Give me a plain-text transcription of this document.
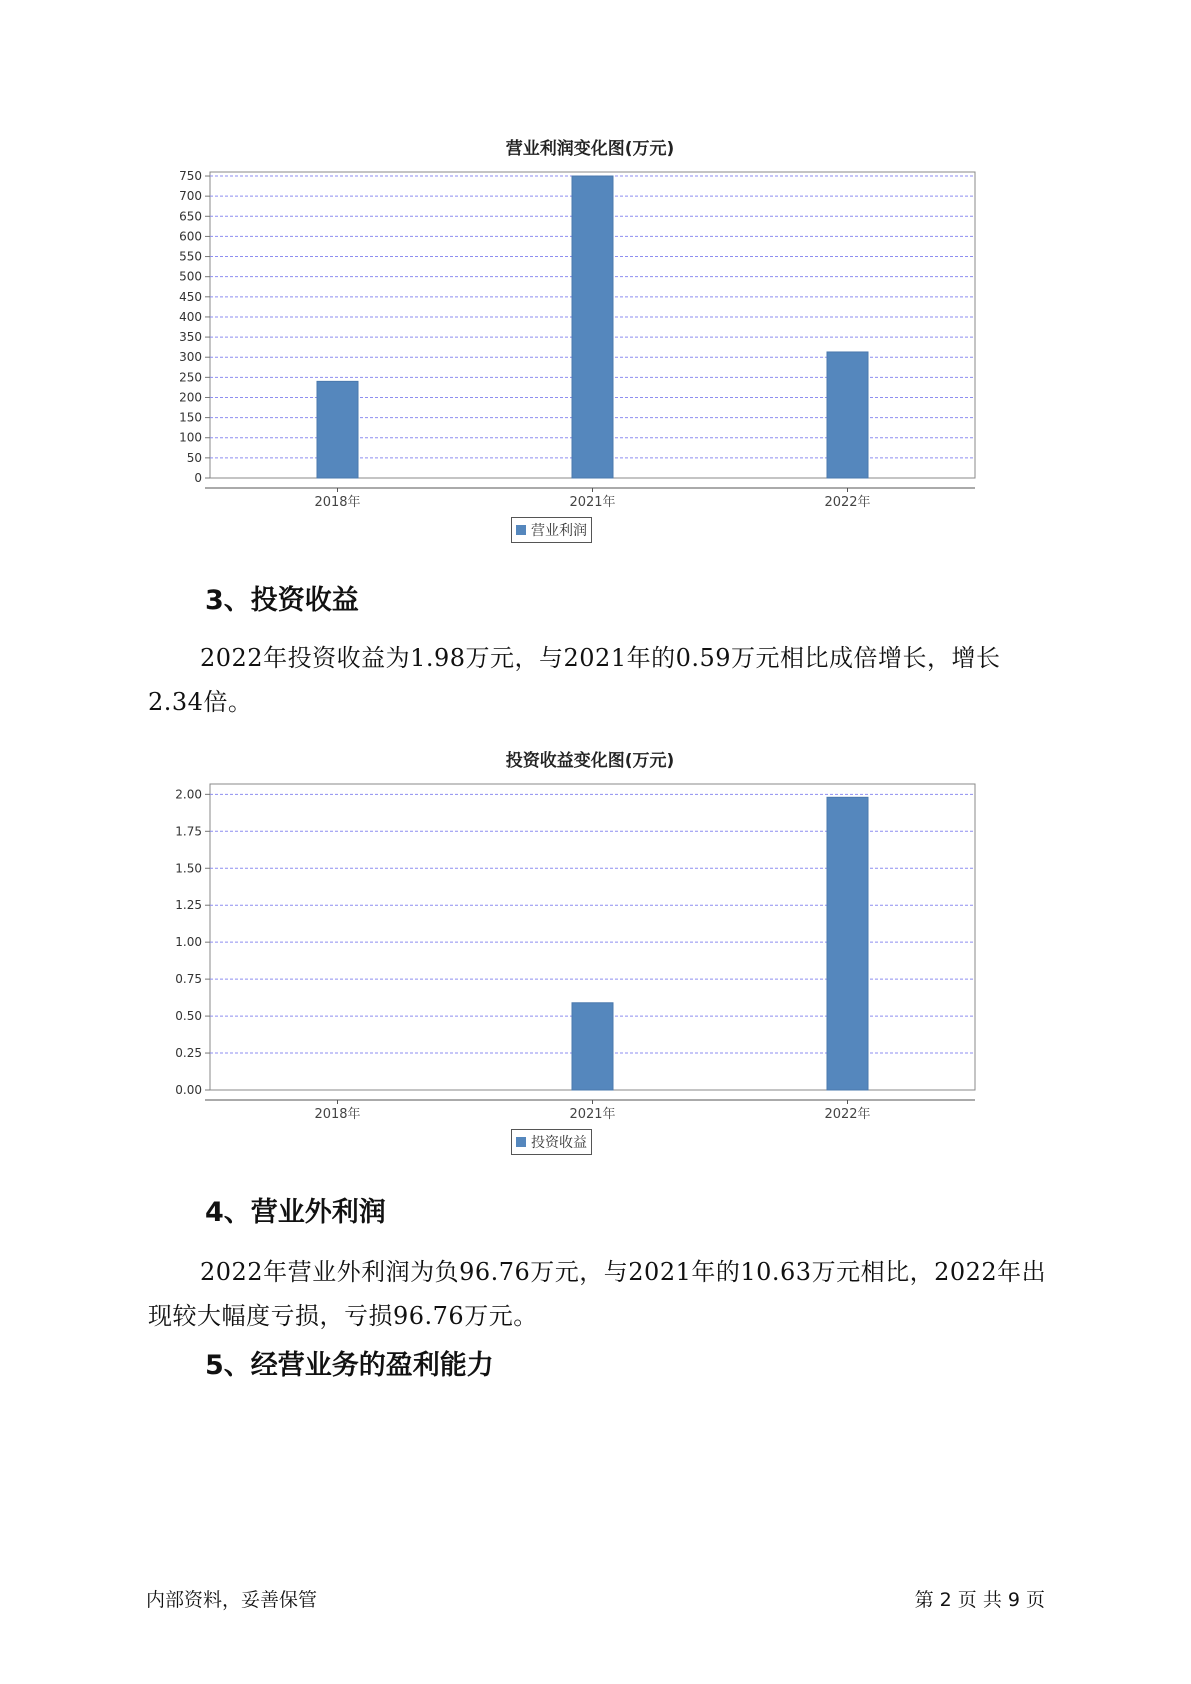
营业利润变化图(万元)
0
50
100
150
200
250
300
350
400
450
500
550
600
650
700
750
2018年	2021年	2022年
营业利润
3、投资收益
2022年投资收益为1.98万元，与2021年的0.59万元相比成倍增长，增长2.34倍。
投资收益变化图(万元)
0.00
0.25
0.50
0.75
1.00
1.25
1.50
1.75
2.00
2018年	2021年	2022年
投资收益
4、营业外利润
2022年营业外利润为负96.76万元，与2021年的10.63万元相比，2022年出现较大幅度亏损，亏损96.76万元。
5、经营业务的盈利能力
内部资料，妥善保管	第 2 页 共 9 页
